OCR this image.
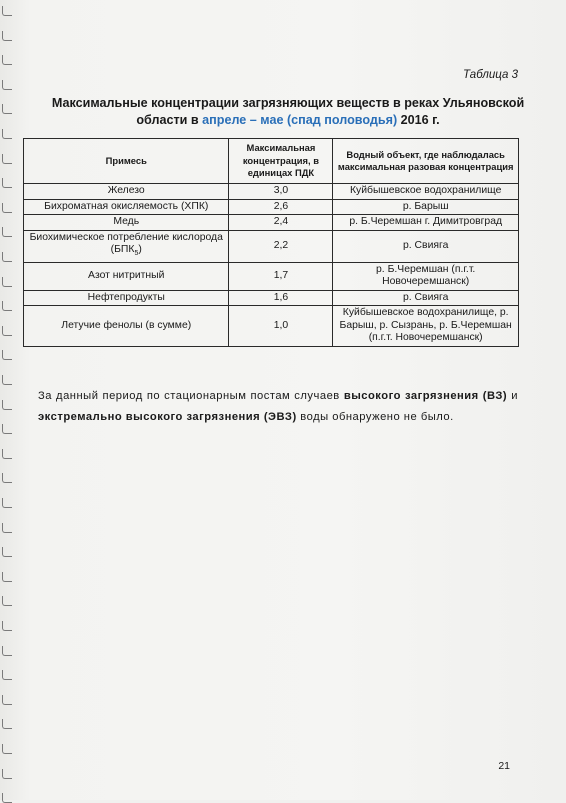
Таблица 3
Максимальные концентрации загрязняющих веществ в реках Ульяновской области в апреле – мае (спад половодья) 2016 г.
Примесь	Максимальная концентрация, в единицах ПДК	Водный объект, где наблюдалась максимальная разовая концентрация
Железо	3,0	Куйбышевское водохранилище
Бихроматная окисляемость (ХПК)	2,6	р. Барыш
Медь	2,4	р. Б.Черемшан г. Димитровград
Биохимическое потребление кислорода $(БПК_5)$	2,2	р. Свияга
Азот нитритный	1,7	р. Б.Черемшан (п.г.т. Новочеремшанск)
Нефтепродукты	1,6	р. Свияга
Летучие фенолы (в сумме)	1,0	Куйбышевское водохранилище, р. Барыш, р. Сызрань, р. Б.Черемшан (п.г.т. Новочеремшанск)
За данный период по стационарным постам случаев высокого загрязнения (ВЗ) и экстремально высокого загрязнения (ЭВЗ) воды обнаружено не было.
21
